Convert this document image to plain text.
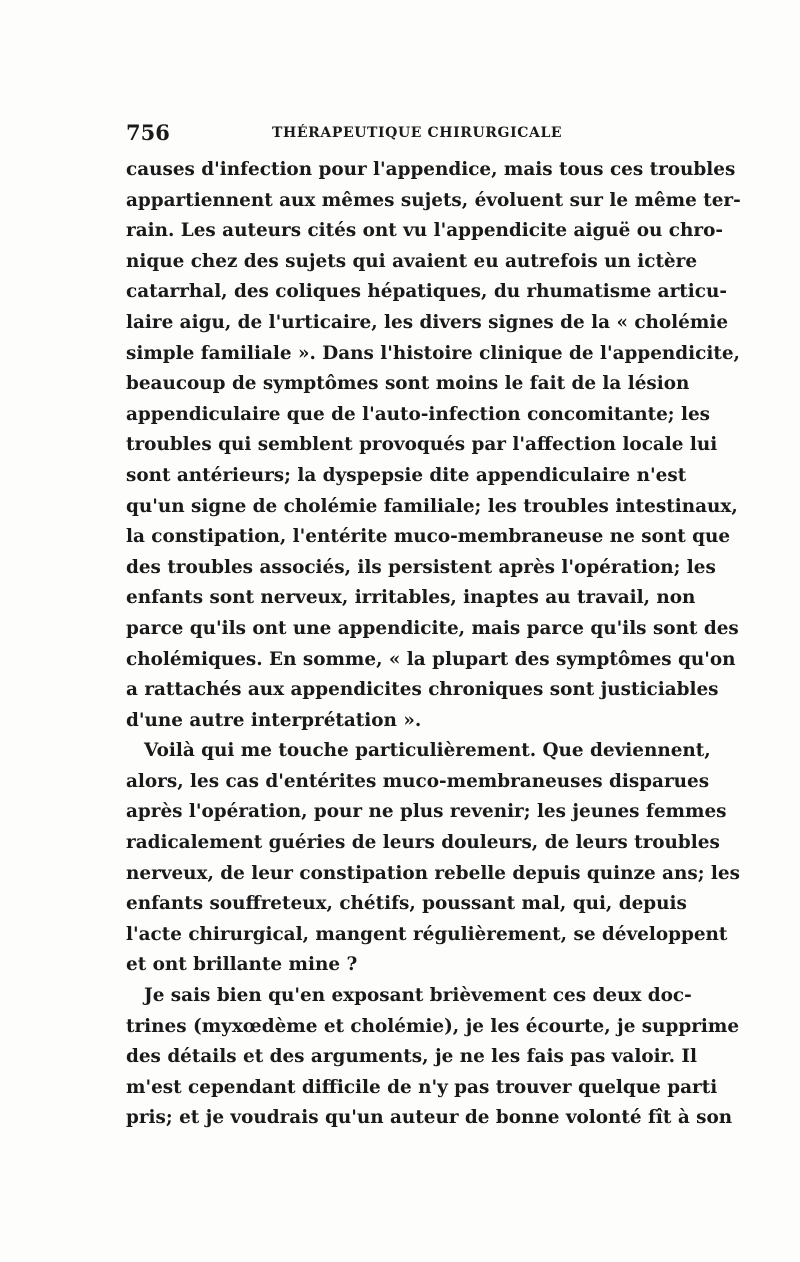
756	THÉRAPEUTIQUE CHIRURGICALE
causes d'infection pour l'appendice, mais tous ces troubles
appartiennent aux mêmes sujets, évoluent sur le même ter-
rain. Les auteurs cités ont vu l'appendicite aiguë ou chro-
nique chez des sujets qui avaient eu autrefois un ictère
catarrhal, des coliques hépatiques, du rhumatisme articu-
laire aigu, de l'urticaire, les divers signes de la « cholémie
simple familiale ». Dans l'histoire clinique de l'appendicite,
beaucoup de symptômes sont moins le fait de la lésion
appendiculaire que de l'auto-infection concomitante; les
troubles qui semblent provoqués par l'affection locale lui
sont antérieurs; la dyspepsie dite appendiculaire n'est
qu'un signe de cholémie familiale; les troubles intestinaux,
la constipation, l'entérite muco-membraneuse ne sont que
des troubles associés, ils persistent après l'opération; les
enfants sont nerveux, irritables, inaptes au travail, non
parce qu'ils ont une appendicite, mais parce qu'ils sont des
cholémiques. En somme, « la plupart des symptômes qu'on
a rattachés aux appendicites chroniques sont justiciables
d'une autre interprétation ».
Voilà qui me touche particulièrement. Que deviennent,
alors, les cas d'entérites muco-membraneuses disparues
après l'opération, pour ne plus revenir; les jeunes femmes
radicalement guéries de leurs douleurs, de leurs troubles
nerveux, de leur constipation rebelle depuis quinze ans; les
enfants souffreteux, chétifs, poussant mal, qui, depuis
l'acte chirurgical, mangent régulièrement, se développent
et ont brillante mine ?
Je sais bien qu'en exposant brièvement ces deux doc-
trines (myxœdème et cholémie), je les écourte, je supprime
des détails et des arguments, je ne les fais pas valoir. Il
m'est cependant difficile de n'y pas trouver quelque parti
pris; et je voudrais qu'un auteur de bonne volonté fît à son
